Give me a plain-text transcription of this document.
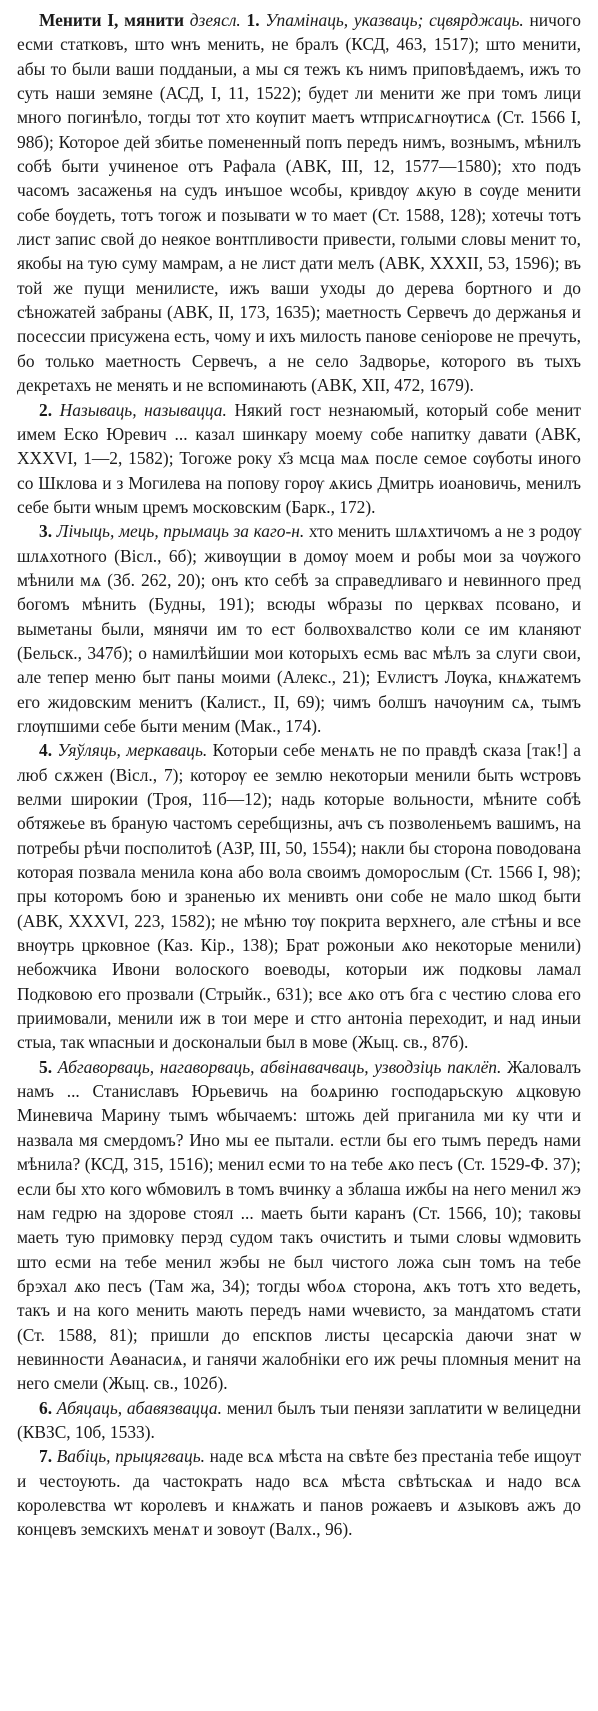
Менити I, мянити дзеясл. 1. Упамінаць, указваць; сцвярджаць. ничого есми статковъ, што ѡнъ менить, не бралъ (КСД, 463, 1517); што менити, абы то были ваши подданыи, а мы ся тежъ къ нимъ приповѣдаемъ, ижъ то суть наши земяне (АСД, I, 11, 1522); будет ли менити же при томъ лици много погинѣло, тогды тот хто кѹпит маетъ ѡтприсѧгнѹтисѧ (Ст. 1566 I, 98б); Которое дей збитье помененный попъ передъ нимъ, вознымъ, мѣнилъ собѣ быти учиненое отъ Рафала (АВК, III, 12, 1577—1580); хто подъ часомъ засаженья на судъ инъшое ѡсобы, кривдѹ ѧкую в сѹде менити собе бѹдеть, тотъ тогож и позывати ѡ то мает (Ст. 1588, 128); хотечы тотъ лист запис свой до неякое вонтпливости привести, голыми словы менит то, якобы на тую суму мамрам, а не лист дати мелъ (АВК, XXXII, 53, 1596); въ той же пущи менилисте, ижъ ваши уходы до дерева бортного и до сѣножатей забраны (АВК, II, 173, 1635); маетность Сервечъ до держанья и посессии присужена есть, чому и ихъ милость панове сеніорове не пречуть, бо только маетность Сервечъ, а не село Задворье, которого въ тыхъ декретахъ не менять и не вспоминають (АВК, XII, 472, 1679).

2. Называць, называцца. Някий гост незнаюмый, который собе менит имем Еско Юревич ... казал шинкару моему собе напитку давати (АВК, XXXVI, 1—2, 1582); Тогоже року х҃з мсца маѧ после семое сѹботы иного со Шклова и з Могилева на попову горѹ ѧкись Дмитрь иоановичь, менилъ себе быти ѡным цремъ московским (Барк., 172).

3. Лічыць, мець, прымаць за каго-н. хто менить шлѧхтичомъ а не з родѹ шлѧхотного (Вісл., 6б); живѹщии в домѹ моем и робы мои за чѹжого мѣнили мѧ (Зб. 262, 20); онъ кто себѣ за справедливаго и невинного пред богомъ мѣнить (Будны, 191); всюды ѡбразы по церквах псовано, и выметаны были, мянячи им то ест болвохвалство коли се им кланяют (Бельск., 347б); о намилѣйшии мои которыхъ есмь вас мѣлъ за слуги свои, але тепер меню быт паны моими (Алекс., 21); Еvлистъ Лѹка, кнѧжатемъ его жидовским менитъ (Калист., II, 69); чимъ болшъ начѹним сѧ, тымъ глѹпшими себе быти меним (Мак., 174).

4. Уяўляць, меркаваць. Которыи себе менѧть не по правдѣ сказа [так!] а люб сѫжен (Вісл., 7); которѹ ее землю некоторыи менили быть ѡстровъ велми широкии (Троя, 11б—12); надь которые вольности, мѣните собѣ обтяжеье въ браную частомъ серебщизны, ачъ съ позволеньемъ вашимъ, на потребы рѣчи посполитоѣ (АЗР, III, 50, 1554); накли бы сторона поводована которая позвала менила кона або вола своимъ доморослым (Ст. 1566 I, 98); пры которомъ бою и зраненью их менивть они собе не мало шкод быти (АВК, XXXVI, 223, 1582); не мѣню тѹ покрита верхнего, але стѣны и все внѹтрь црковное (Каз. Кір., 138); Брат рожоныи ѧко некоторые менили) небожчика Ивони волоского воеводы, которыи иж подковы ламал Подковою его прозвали (Стрыйк., 631); все ѧко отъ бга с честию слова его приимовали, менили иж в тои мере и стго антоніа переходит, и над иныи стыа, так ѡпасныи и досконалыи был в мове (Жыц. св., 87б).

5. Абгаворваць, нагаворваць, абвінавачваць, узводзіць паклёп. Жаловалъ намъ ... Станиславъ Юрьевичь на боѧриню господарьскую ѧцковую Миневича Марину тымъ ѡбычаемъ: штожь дей приганила ми ку чти и назвала мя смердомъ? Ино мы ее пытали. естли бы его тымъ передъ нами мѣнила? (КСД, 315, 1516); менил есми то на тебе ѧко песъ (Ст. 1529-Ф. 37); если бы хто кого ѡбмовилъ в томъ вчинку а зблаша ижбы на него менил жэ нам гедрю на здорове стоял ... маеть быти каранъ (Ст. 1566, 10); таковы маеть тую примовку перэд судом такъ очистить и тыми словы ѡдмовить што есми на тебе менил жэбы не был чистого ложа сын томъ на тебе брэхал ѧко песъ (Там жа, 34); тогды ѡбоѧ сторона, ѧкъ тотъ хто ведеть, такъ и на кого менить мають передъ нами ѡчевисто, за мандатомъ стати (Ст. 1588, 81); пришли до епскпов листы цесарскіа даючи знат ѡ невинности Аѳанасиѧ, и ганячи жалобніки его иж речы пломныя менит на него смели (Жыц. св., 102б).

6. Абяцаць, абавязвацца. менил былъ тыи пенязи заплатити ѡ велицедни (КВЗС, 10б, 1533).

7. Вабіць, прыцягваць. наде всѧ мѣста на свѣте без престаніа тебе ищоут и честоують. да частократь надо всѧ мѣста свѣтьскаѧ и надо всѧ королевства ѡт королевъ и кнѧжать и панов рожаевъ и ѧзыковъ ажъ до концевъ земскихъ менѧт и зовоут (Валх., 96).
